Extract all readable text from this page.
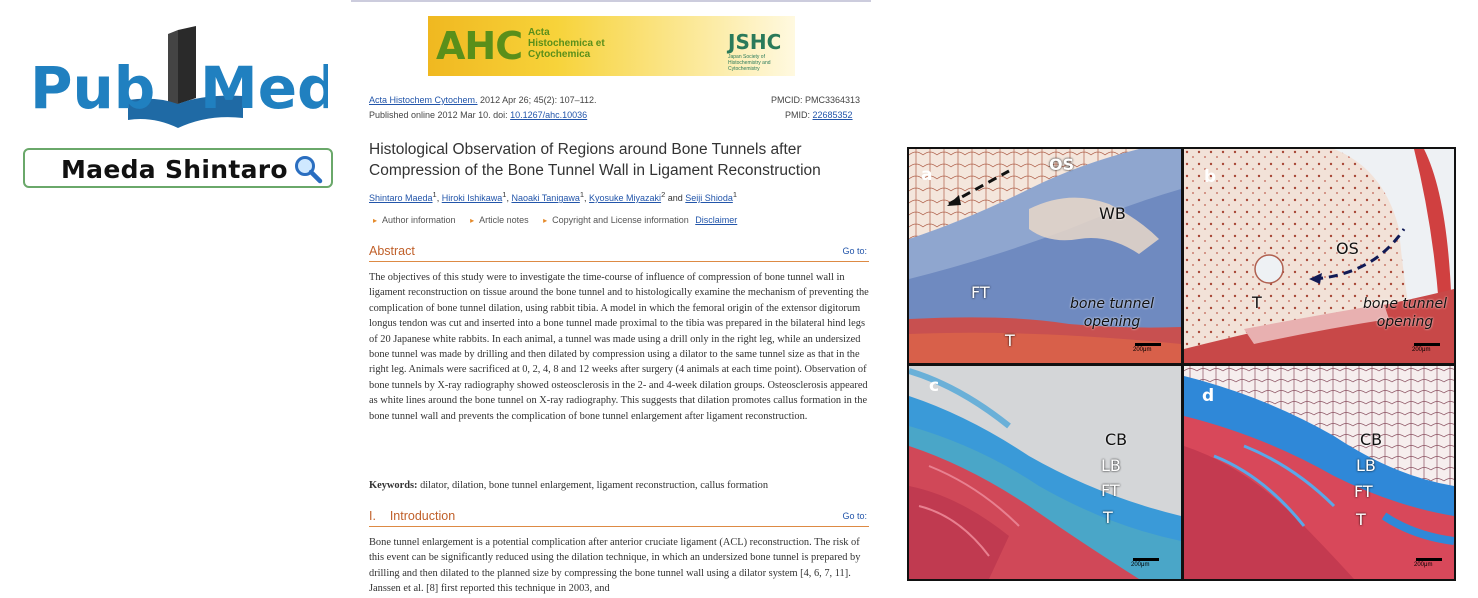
Pub Med
Maeda Shintaro
AHC Acta Histochemica et Cytochemica
JSHC
Japan Society of Histochemistry and Cytochemistry
Acta Histochem Cytochem. 2012 Apr 26; 45(2): 107–112.
Published online 2012 Mar 10. doi: 10.1267/ahc.10036
PMCID: PMC3364313
PMID: 22685352
Histological Observation of Regions around Bone Tunnels after Compression of the Bone Tunnel Wall in Ligament Reconstruction
Shintaro Maeda$^1$, Hiroki Ishikawa$^1$, Naoaki Tanigawa$^1$, Kyosuke Miyazaki$^2$ and Seiji Shioda$^1$
▸ Author information ▸ Article notes ▸ Copyright and License information Disclaimer
Abstract	Go to:
The objectives of this study were to investigate the time-course of influence of compression of bone tunnel wall in ligament reconstruction on tissue around the bone tunnel and to histologically examine the mechanism of preventing the complication of bone tunnel dilation, using rabbit tibia. A model in which the femoral origin of the extensor digitorum longus tendon was cut and inserted into a bone tunnel made proximal to the tibia was prepared in the bilateral hind legs of 20 Japanese white rabbits. In each animal, a tunnel was made using a drill only in the right leg, while an undersized bone tunnel was made by drilling and then dilated by compression using a dilator to the same tunnel size as that in the right leg. Animals were sacrificed at 0, 2, 4, 8 and 12 weeks after surgery (4 animals at each time point). Observation of bone tunnels by X-ray radiography showed osteosclerosis in the 2- and 4-week dilation groups. Osteosclerosis appeared as white lines around the bone tunnel on X-ray radiography. This suggests that dilation promotes callus formation in the bone tunnel wall and prevents the complication of bone tunnel enlargement after ligament reconstruction.
Keywords: dilator, dilation, bone tunnel enlargement, ligament reconstruction, callus formation
I.    Introduction	Go to:
Bone tunnel enlargement is a potential complication after anterior cruciate ligament (ACL) reconstruction. The risk of this event can be significantly reduced using the dilation technique, in which an undersized bone tunnel is prepared by drilling and then dilated to the planned size by compressing the bone tunnel wall using a dilator system [4, 6, 7, 11]. Janssen et al. [8] first reported this technique in 2003, and
a
OS
WB
FT
T
bone tunnel opening
200μm
b
OS
T	bone tunnel opening
200μm
c
CB
LB
FT
T
200μm
d
CB
LB
FT
T
200μm
